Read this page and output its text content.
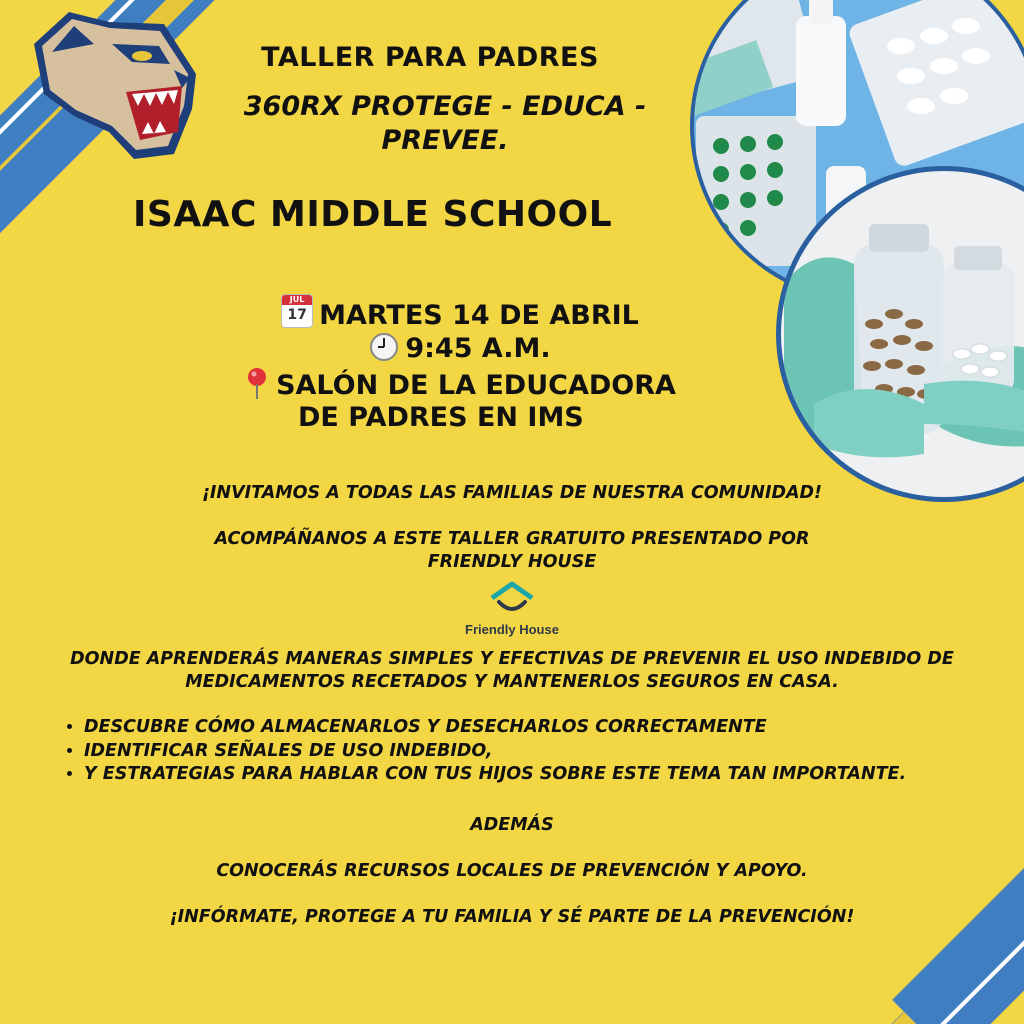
TALLER PARA PADRES
360RX PROTEGE - EDUCA -
PREVEE.
ISAAC MIDDLE SCHOOL
JUL
17 MARTES 14 DE ABRIL
9:45 A.M.
SALÓN DE LA EDUCADORA
DE PADRES EN IMS
¡INVITAMOS A TODAS LAS FAMILIAS DE NUESTRA COMUNIDAD!
ACOMPÁÑANOS A ESTE TALLER GRATUITO PRESENTADO POR
FRIENDLY HOUSE
Friendly House
DONDE APRENDERÁS MANERAS SIMPLES Y EFECTIVAS DE PREVENIR EL USO INDEBIDO DE
MEDICAMENTOS RECETADOS Y MANTENERLOS SEGUROS EN CASA.
• DESCUBRE CÓMO ALMACENARLOS Y DESECHARLOS CORRECTAMENTE
• IDENTIFICAR SEÑALES DE USO INDEBIDO,
• Y ESTRATEGIAS PARA HABLAR CON TUS HIJOS SOBRE ESTE TEMA TAN IMPORTANTE.
ADEMÁS
CONOCERÁS RECURSOS LOCALES DE PREVENCIÓN Y APOYO.
¡INFÓRMATE, PROTEGE A TU FAMILIA Y SÉ PARTE DE LA PREVENCIÓN!
